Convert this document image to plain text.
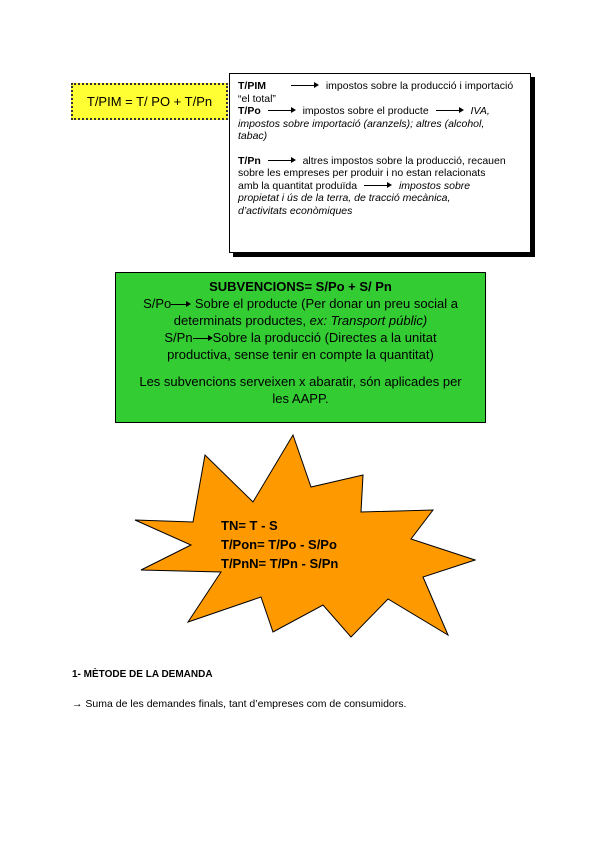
T/PIM = T/ PO + T/Pn

T/PIM	impostos sobre la producció i importació
“el total”

T/Po	impostos sobre el producte	IVA,
impostos sobre importació (aranzels); altres (alcohol,
tabac)

T/Pn	altres impostos sobre la producció, recauen
sobre les empreses per produir i no estan relacionats
amb la quantitat produïda	impostos sobre
propietat i ús de la terra, de tracció mecànica,
d’activitats econòmiques

SUBVENCIONS= S/Po + S/ Pn

S/Po Sobre el producte (Per donar un preu social a
determinats productes, ex: Transport públic)

S/Pn Sobre la producció (Directes a la unitat
productiva, sense tenir en compte la quantitat)

Les subvencions serveixen x abaratir, són aplicades per
les AAPP.

TN= T - S
T/Pon= T/Po - S/Po
T/PnN= T/Pn - S/Pn
1- MÈTODE DE LA DEMANDA
→ Suma de les demandes finals, tant d’empreses com de consumidors.
